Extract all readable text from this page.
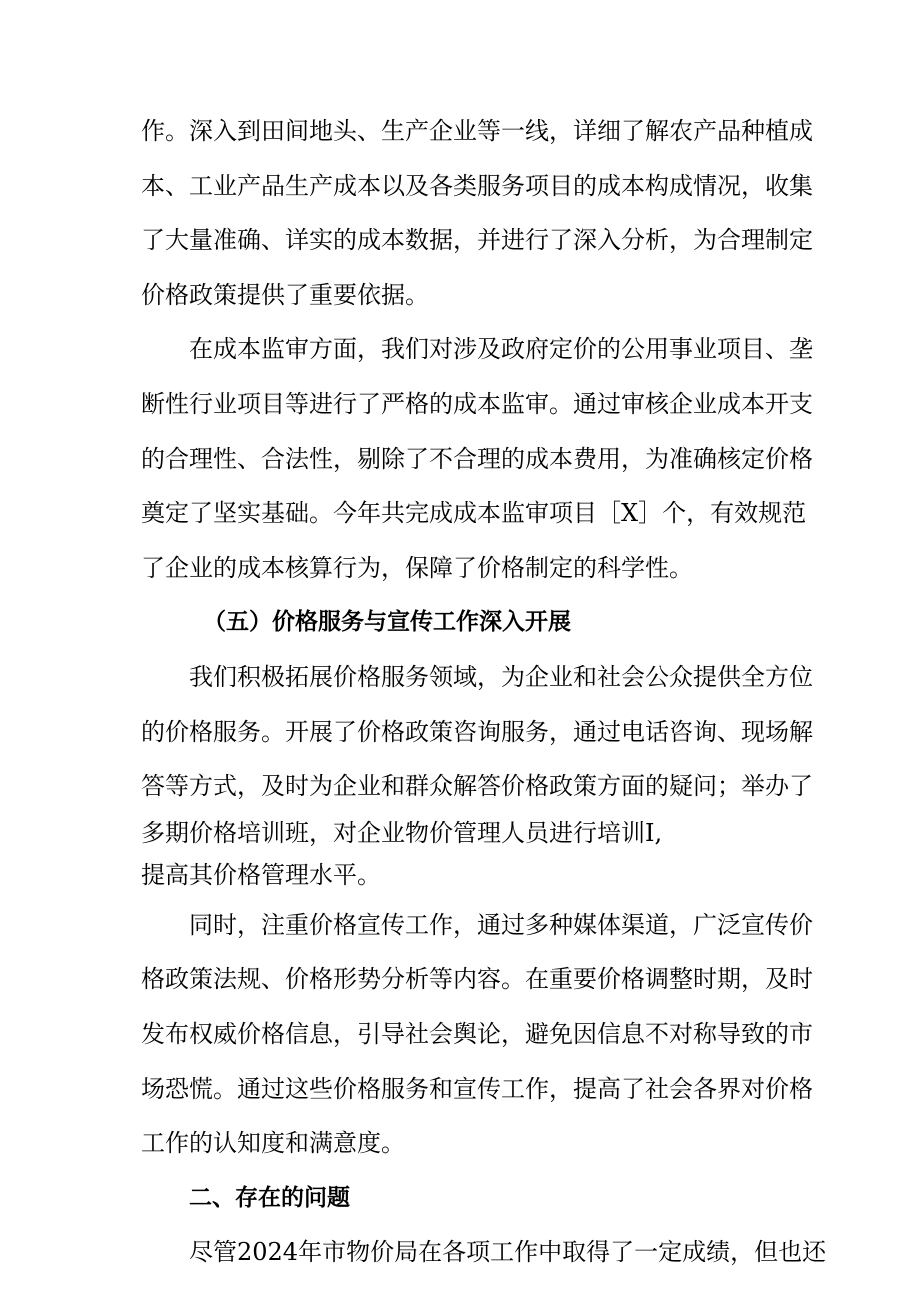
作。深入到田间地头、生产企业等一线，详细了解农产品种植成
本、工业产品生产成本以及各类服务项目的成本构成情况，收集
了大量准确、详实的成本数据，并进行了深入分析，为合理制定
价格政策提供了重要依据。
在成本监审方面，我们对涉及政府定价的公用事业项目、垄
断性行业项目等进行了严格的成本监审。通过审核企业成本开支
的合理性、合法性，剔除了不合理的成本费用，为准确核定价格
奠定了坚实基础。今年共完成成本监审项目［X］个，有效规范
了企业的成本核算行为，保障了价格制定的科学性。
（五）价格服务与宣传工作深入开展
我们积极拓展价格服务领域，为企业和社会公众提供全方位
的价格服务。开展了价格政策咨询服务，通过电话咨询、现场解
答等方式，及时为企业和群众解答价格政策方面的疑问；举办了
多期价格培训班，对企业物价管理人员进行培训I,
提高其价格管理水平。
同时，注重价格宣传工作，通过多种媒体渠道，广泛宣传价
格政策法规、价格形势分析等内容。在重要价格调整时期，及时
发布权威价格信息，引导社会舆论，避免因信息不对称导致的市
场恐慌。通过这些价格服务和宣传工作，提高了社会各界对价格
工作的认知度和满意度。
二、存在的问题
尽管2024年市物价局在各项工作中取得了一定成绩，但也还
